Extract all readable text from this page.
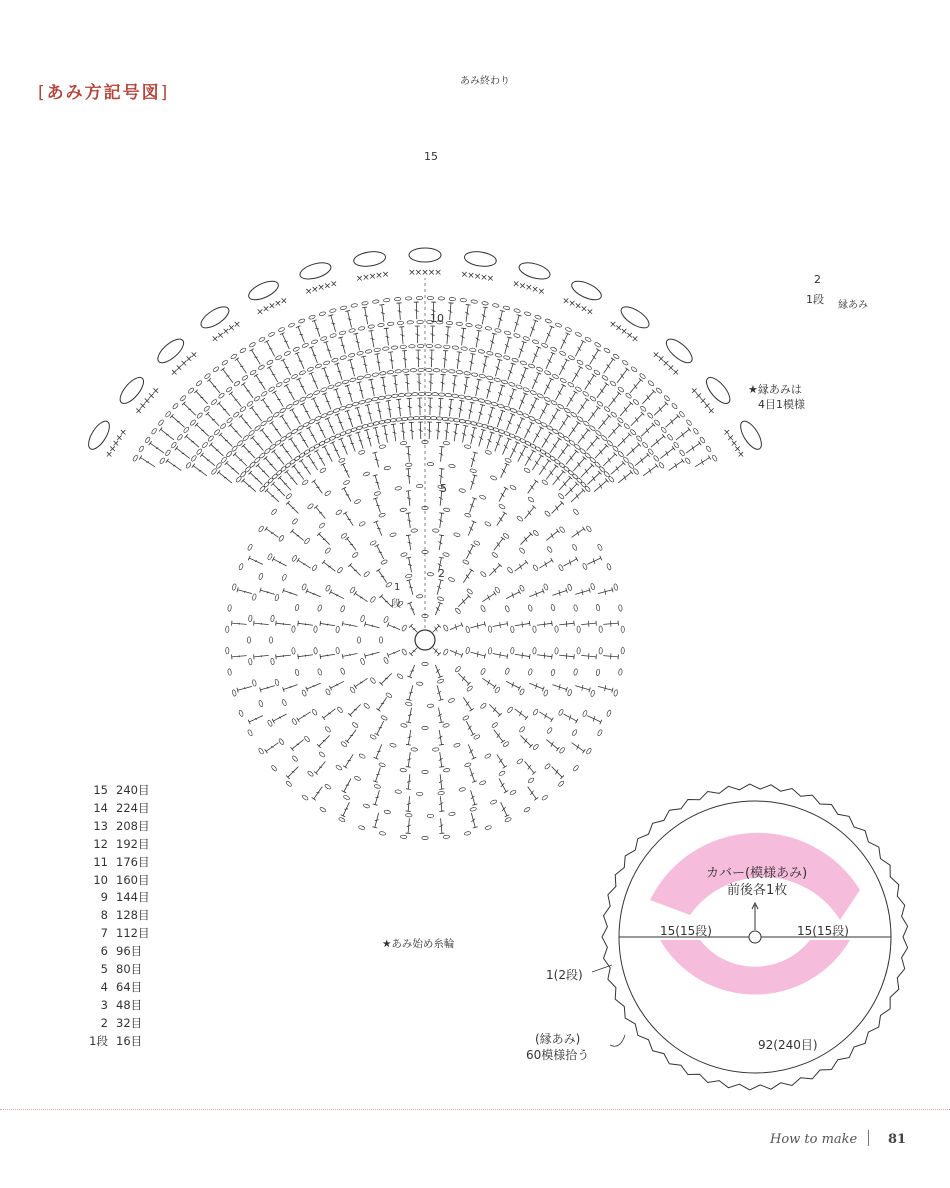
×
×
×
×
×
×
×
×
×
×
×
×
×
×
×
×
×
×
×
×
×
×
×
×
×
×
×
×
×
×
×
×
×
×
× × × × × × ×
×
×
×
×
×
×
×
×
×
×
×
×
×
×
×
×
×
×
×
×
×
×
×
×
×
×
×
×
×
×
×
×
×
×
[あみ方記号図]
あみ終わり
15
10
5
2
1
段
2
1段 縁あみ
★縁あみは
4目1模様
★あみ始め糸輪
15 240目
14 224目
13 208目
12 192目
11 176目
10 160目
9 144目
8 128目
7 112目
6 96目
5 80目
4 64目
3 48目
2 32目
1段 16目
カバー(模様あみ)
前後各1枚
15(15段)	15(15段)
1(2段)
(縁あみ)
60模様拾う
92(240目)
How to make 81
